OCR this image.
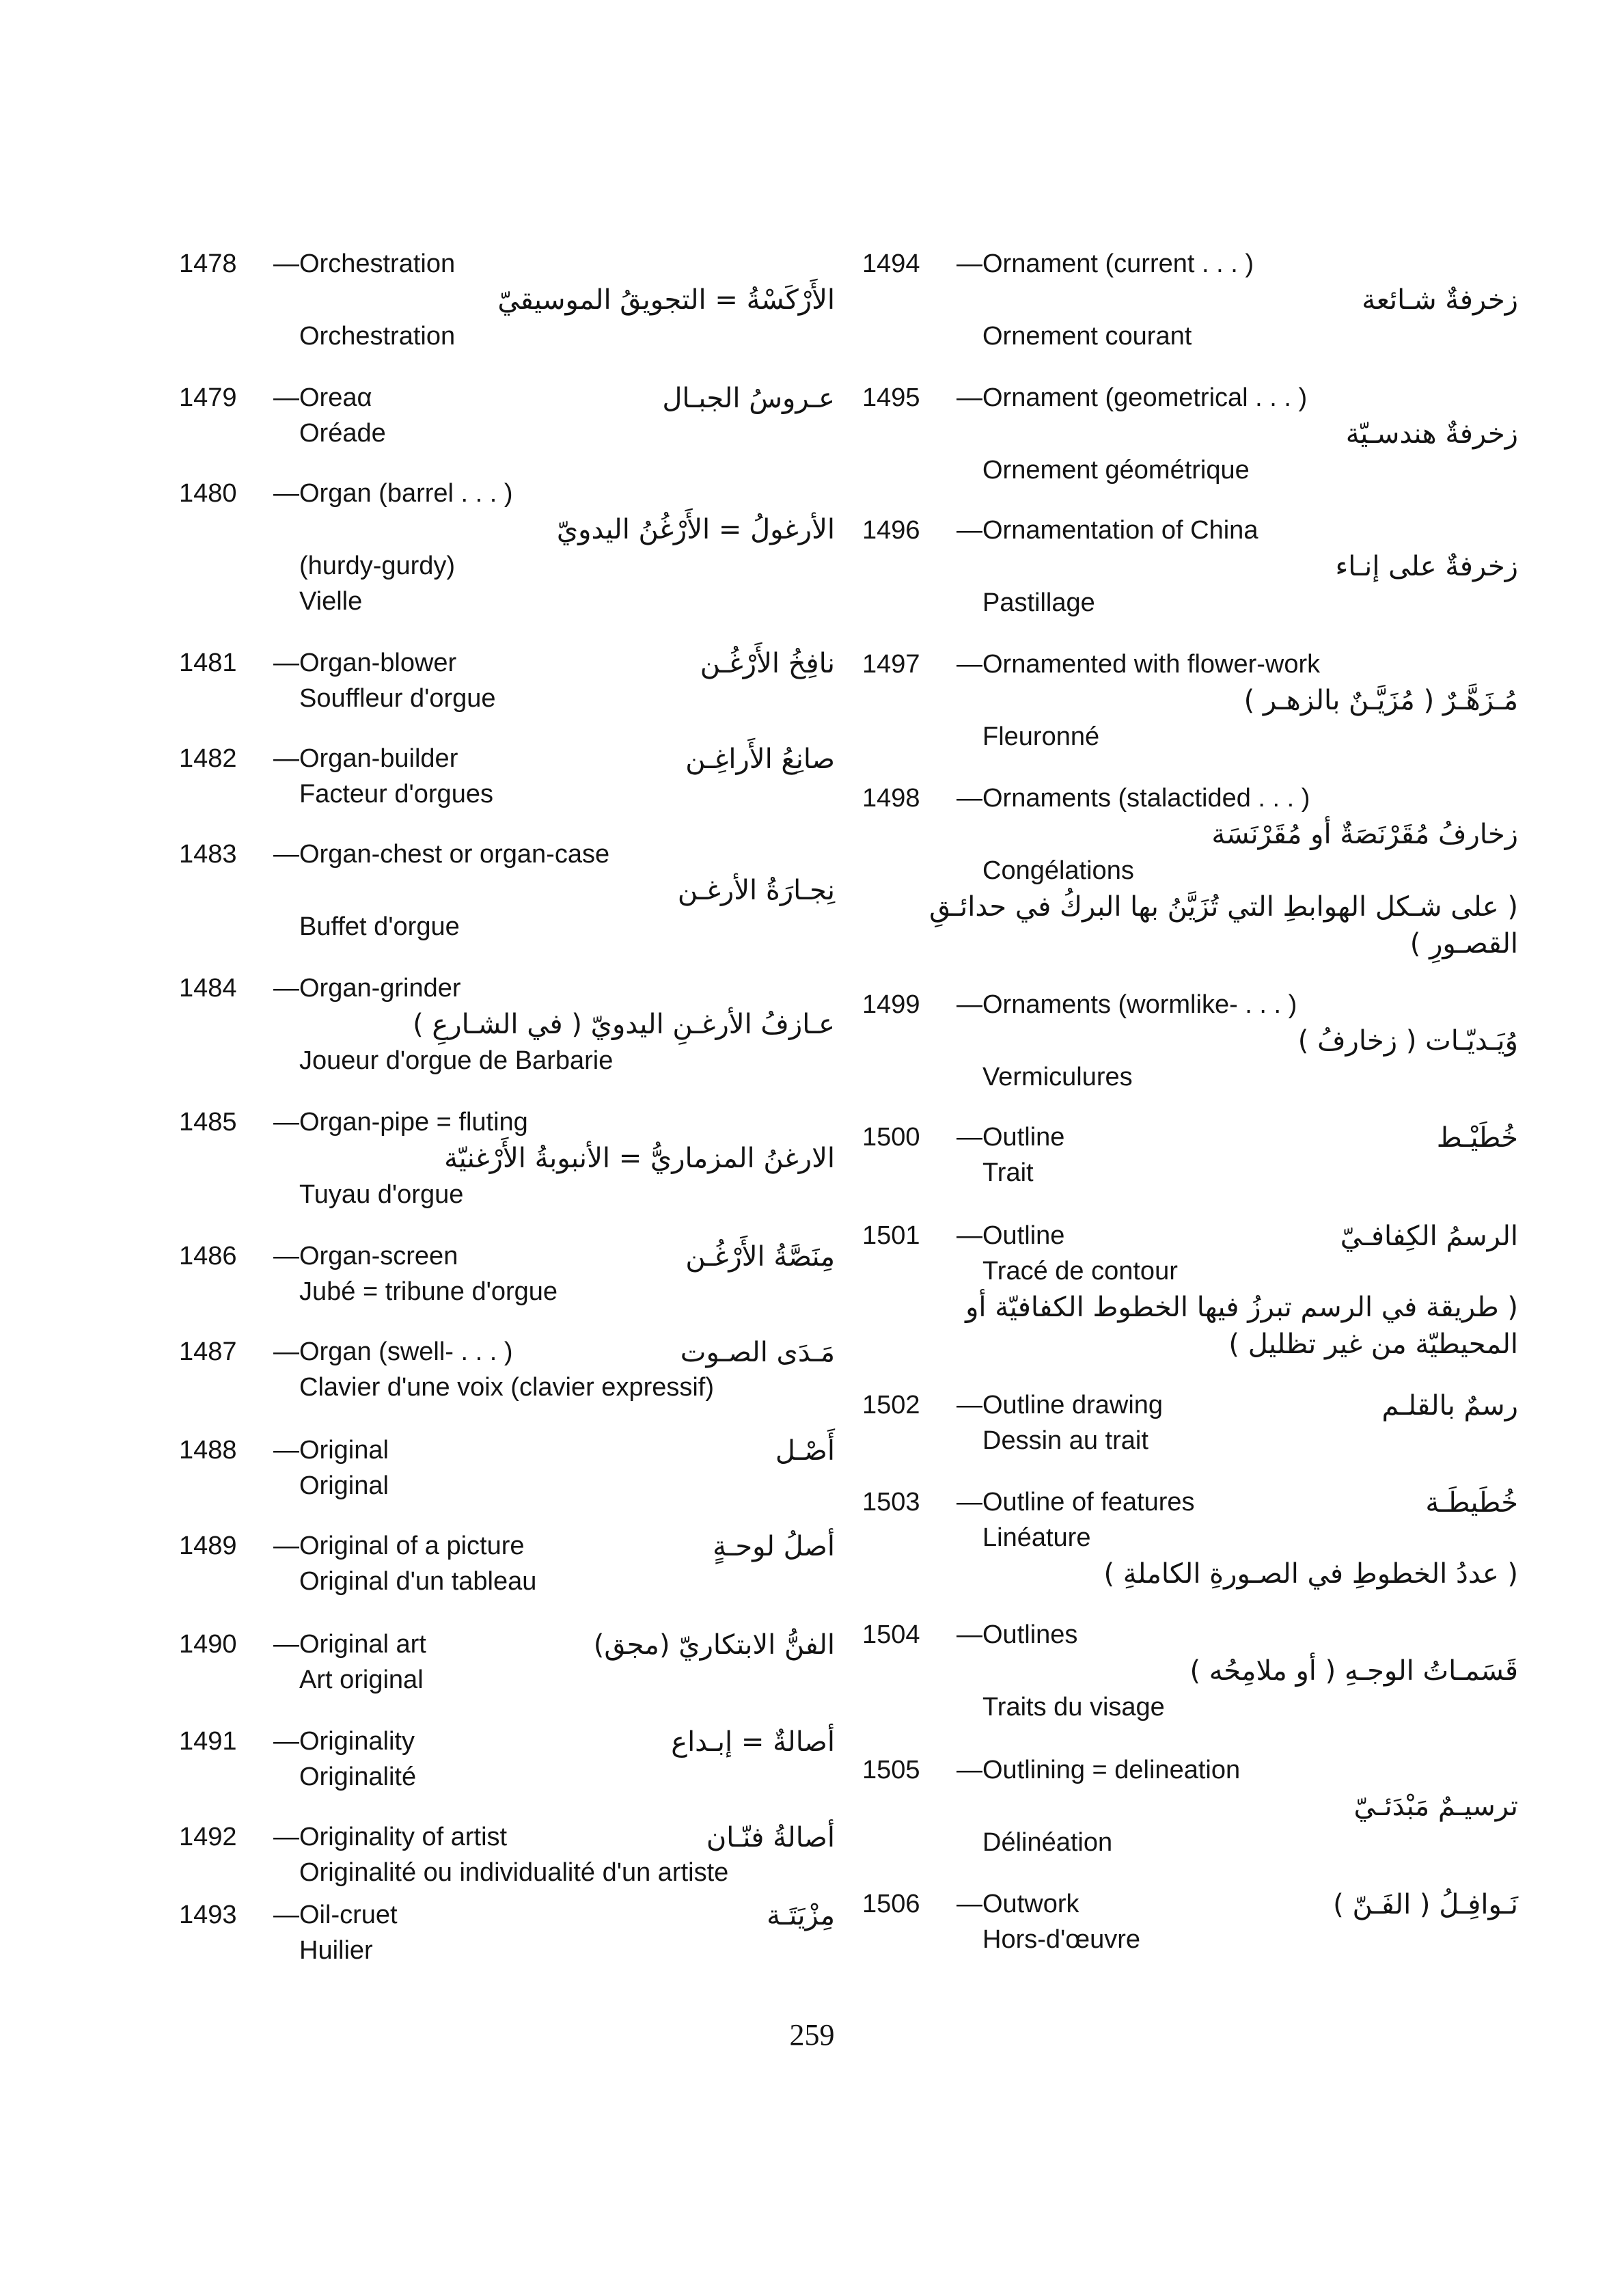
1478	— Orchestration
الأَرْكَسْةُ = التجويقُ الموسيقيّ
Orchestration
1479	— Oreaα	عـروسُ الجبـال
Oréade
1480	— Organ (barrel . . . )
الأرغولُ = الأَرْغُنُ اليدويّ
(hurdy-gurdy)
Vielle
1481	— Organ-blower	نافِخُ الأَرْغُـن
Souffleur d'orgue
1482	— Organ-builder	صانِعُ الأَراغِـن
Facteur d'orgues
1483	— Organ-chest or organ-case
نِجـارَةُ الأرغـن
Buffet d'orgue
1484	— Organ-grinder
عـازفُ الأرغـنِ اليدويّ ( في الشـارعِ )
Joueur d'orgue de Barbarie
1485	— Organ-pipe = fluting
الارغنُ المزماريُّ = الأنبوبةُ الأَرْغنيّة
Tuyau d'orgue
1486	— Organ-screen	مِنَصَّةُ الأَرْغُـن
Jubé = tribune d'orgue
1487	— Organ (swell- . . . )	مَـدَى الصـوت
Clavier d'une voix (clavier expressif)
1488	— Original	أَصْـل
Original
1489	— Original of a picture	أصلُ لوحـةٍ
Original d'un tableau
1490	— Original art	الفنُّ الابتكاريّ (مجق)
Art original
1491	— Originality	أصالةٌ = إبـداع
Originalité
1492	— Originality of artist	أصالةُ فنّـان
Originalité ou individualité d'un artiste
1493	— Oil-cruet	مِزْيَتَـة
Huilier
1494	— Ornament (current . . . )
زخرفةٌ شـائعة
Ornement courant
1495	— Ornament (geometrical . . . )
زخرفةٌ هندسـيّة
Ornement géométrique
1496	— Ornamentation of China
زخرفةٌ على إنـاء
Pastillage
1497	— Ornamented with flower-work
مُـزَهَّـرٌ ( مُزَيَّـنٌ بالزهـر )
Fleuronné
1498	— Ornaments (stalactided . . . )
زخارفُ مُقَرْنَصَةٌ أو مُقَرْنَسَة
Congélations
( على شـكل الهوابطِ التي تُزَيَّنُ بها البركُ في حدائـقِ القصـورِ )
1499	— Ornaments (wormlike- . . . )
وُيَـديّـات ( زخارفُ )
Vermiculures
1500	— Outline	خُطَيْـط
Trait
1501	— Outline	الرسمُ الكِفافـيّ
Tracé de contour
( طريقة في الرسم تبرزُ فيها الخطوط الكفافيّة أو المحيطيّة من غير تظليل )
1502	— Outline drawing	رسمٌ بالقلـم
Dessin au trait
1503	— Outline of features	خُطَيطَـة
Linéature
( عددُ الخطوطِ في الصـورةِ الكاملةِ )
1504	— Outlines
قَسَمـاتُ الوجـهِ ( أو ملامِحُه )
Traits du visage
1505	— Outlining = delineation
ترسيـمٌ مَبْدَئـيّ
Délinéation
1506	— Outwork	نَـوافِـلُ ( الفَـنّ )
Hors-d'œuvre
259
